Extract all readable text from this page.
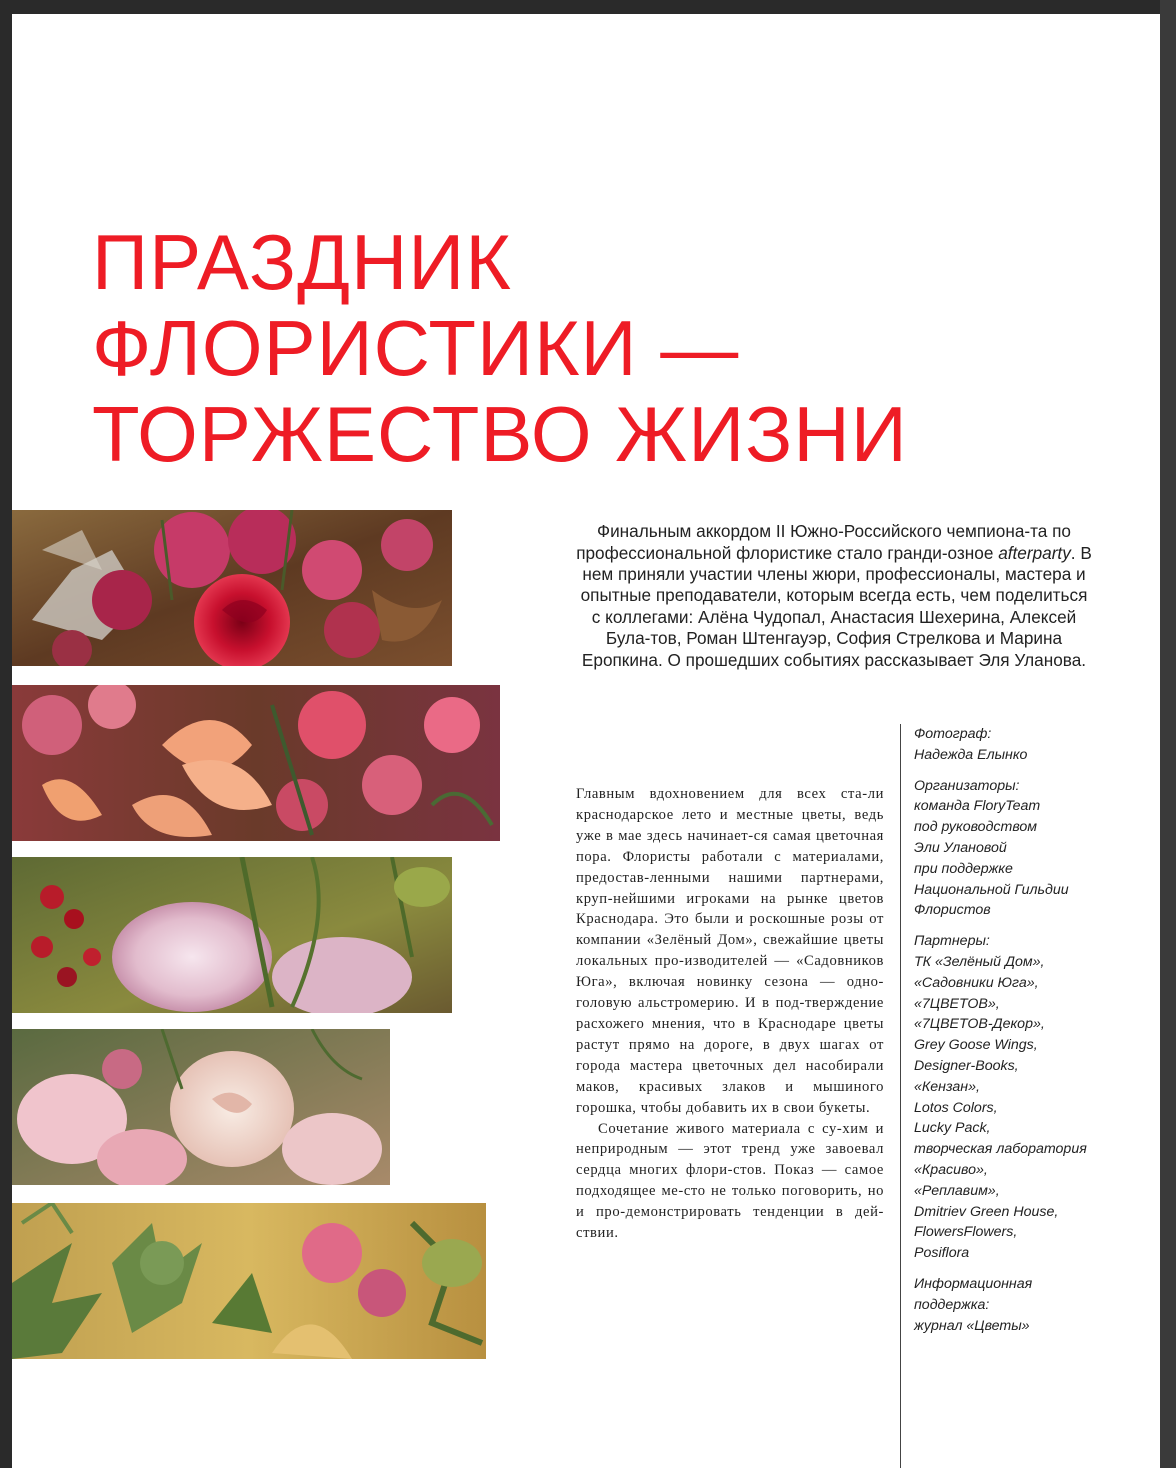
ПРАЗДНИК
ФЛОРИСТИКИ —
ТОРЖЕСТВО ЖИЗНИ

Финальным аккордом II Южно-Российского чемпиона-та по профессиональной флористике стало гранди-озное afterparty. В нем приняли участии члены жюри, профессионалы, мастера и опытные преподаватели, которым всегда есть, чем поделиться с коллегами: Алёна Чудопал, Анастасия Шехерина, Алексей Була-тов, Роман Штенгауэр, София Стрелкова и Марина Еропкина. О прошедших событиях рассказывает Эля Уланова.

Главным вдохновением для всех ста-ли краснодарское лето и местные цветы, ведь уже в мае здесь начинает-ся самая цветочная пора. Флористы работали с материалами, предостав-ленными нашими партнерами, круп-нейшими игроками на рынке цветов Краснодара. Это были и роскошные розы от компании «Зелёный Дом», свежайшие цветы локальных про-изводителей — «Садовников Юга», включая новинку сезона — одно-головую альстромерию. И в под-тверждение расхожего мнения, что в Краснодаре цветы растут прямо на дороге, в двух шагах от города мастера цветочных дел насобирали маков, красивых злаков и мышиного горошка, чтобы добавить их в свои букеты.

Сочетание живого материала с су-хим и неприродным — этот тренд уже завоевал сердца многих флори-стов. Показ — самое подходящее ме-сто не только поговорить, но и про-демонстрировать тенденции в дей-ствии.

Фотограф:
Надежда Елынко
Организаторы:
команда FloryTeam
под руководством
Эли Улановой
при поддержке
Национальной Гильдии
Флористов
Партнеры:
ТК «Зелёный Дом»,
«Садовники Юга»,
«7ЦВЕТОВ»,
«7ЦВЕТОВ-Декор»,
Grey Goose Wings,
Designer-Books,
«Кензан»,
Lotos Colors,
Lucky Pack,
творческая лаборатория
«Красиво»,
«Реплавим»,
Dmitriev Green House,
FlowersFlowers,
Posiflora
Информационная
поддержка:
журнал «Цветы»
